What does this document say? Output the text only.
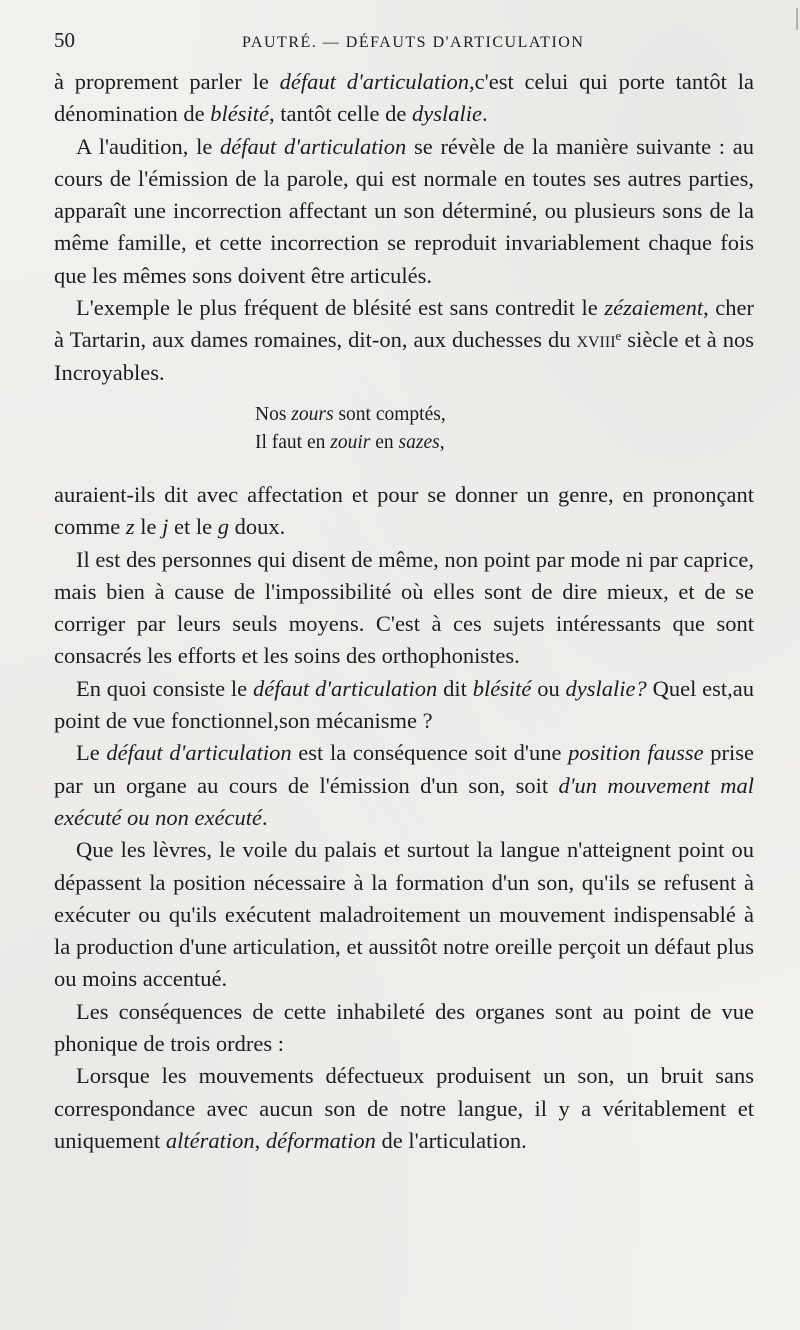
50	PAUTRÉ. — DÉFAUTS D'ARTICULATION

à proprement parler le défaut d'articulation,c'est celui qui porte tantôt la dénomination de blésité, tantôt celle de dyslalie.

A l'audition, le défaut d'articulation se révèle de la manière suivante : au cours de l'émission de la parole, qui est normale en toutes ses autres parties, apparaît une incorrection affectant un son déterminé, ou plusieurs sons de la même famille, et cette incorrection se reproduit invariablement chaque fois que les mêmes sons doivent être articulés.

L'exemple le plus fréquent de blésité est sans contredit le zézaiement, cher à Tartarin, aux dames romaines, dit-on, aux duchesses du xviii$^e$ siècle et à nos Incroyables.

Nos zours sont comptés,
Il faut en zouir en sazes,

auraient-ils dit avec affectation et pour se donner un genre, en prononçant comme z le j et le g doux.

Il est des personnes qui disent de même, non point par mode ni par caprice, mais bien à cause de l'impossibilité où elles sont de dire mieux, et de se corriger par leurs seuls moyens. C'est à ces sujets intéressants que sont consacrés les efforts et les soins des orthophonistes.

En quoi consiste le défaut d'articulation dit blésité ou dyslalie? Quel est,au point de vue fonctionnel,son mécanisme ?

Le défaut d'articulation est la conséquence soit d'une position fausse prise par un organe au cours de l'émission d'un son, soit d'un mouvement mal exécuté ou non exécuté.

Que les lèvres, le voile du palais et surtout la langue n'atteignent point ou dépassent la position nécessaire à la formation d'un son, qu'ils se refusent à exécuter ou qu'ils exécutent maladroitement un mouvement indispensablé à la production d'une articulation, et aussitôt notre oreille perçoit un défaut plus ou moins accentué.

Les conséquences de cette inhabileté des organes sont au point de vue phonique de trois ordres :

Lorsque les mouvements défectueux produisent un son, un bruit sans correspondance avec aucun son de notre langue, il y a véritablement et uniquement altération, déformation de l'articulation.
